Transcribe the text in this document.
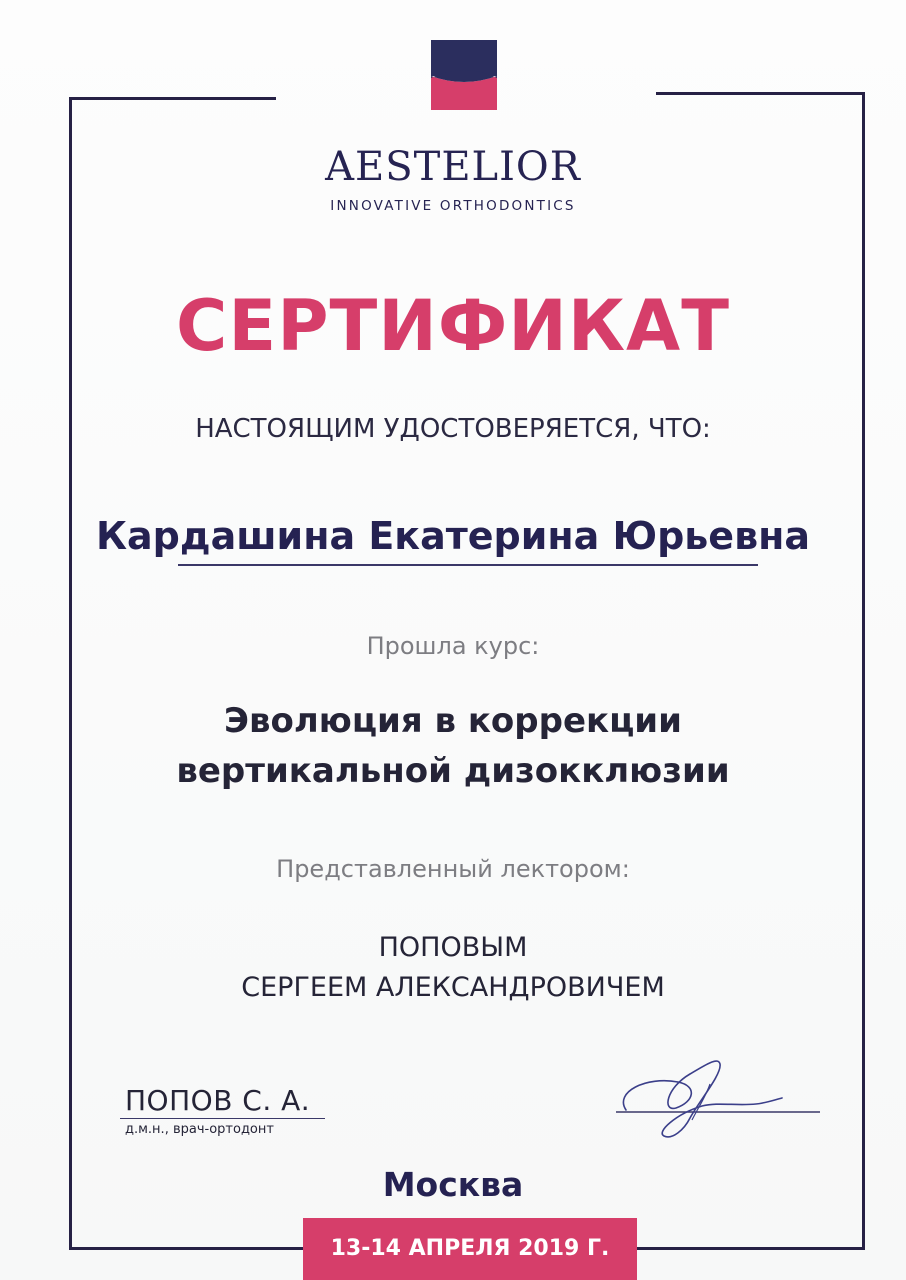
AESTELIOR
INNOVATIVE ORTHODONTICS
СЕРТИФИКАТ
НАСТОЯЩИМ УДОСТОВЕРЯЕТСЯ, ЧТО:
Кардашина Екатерина Юрьевна
Прошла курс:
Эволюция в коррекции
вертикальной дизокклюзии
Представленный лектором:
ПОПОВЫМ
СЕРГЕЕМ АЛЕКСАНДРОВИЧЕМ
ПОПОВ С. А.
д.м.н., врач-ортодонт
Москва
13-14 АПРЕЛЯ 2019 Г.
